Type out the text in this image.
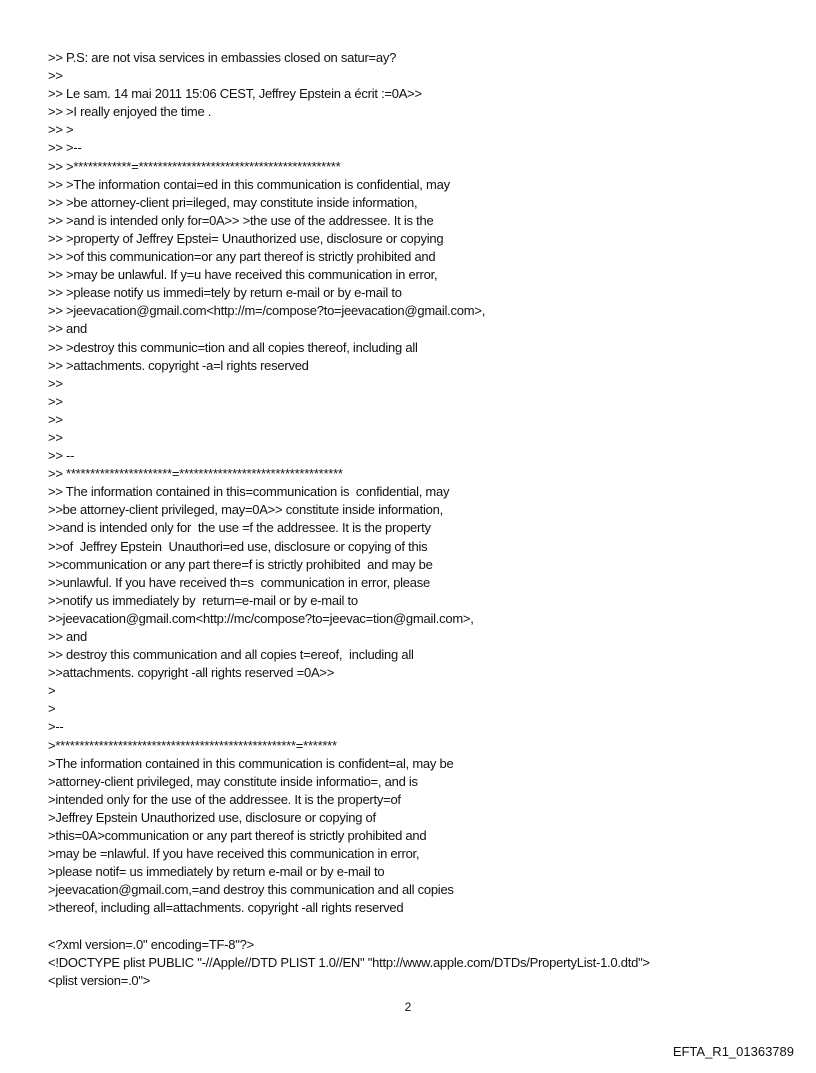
>> P.S: are not visa services in embassies closed on satur=ay?
>>
>> Le sam. 14 mai 2011 15:06 CEST, Jeffrey Epstein a écrit :=0A>>
>> >I really enjoyed the time .
>> >
>> >--
>> >************=******************************************
>> >The information contai=ed in this communication is confidential, may
>> >be attorney-client pri=ileged, may constitute inside information,
>> >and is intended only for=0A>> >the use of the addressee. It is the
>> >property of Jeffrey Epstei= Unauthorized use, disclosure or copying
>> >of this communication=or any part thereof is strictly prohibited and
>> >may be unlawful. If y=u have received this communication in error,
>> >please notify us immedi=tely by return e-mail or by e-mail to
>> >jeevacation@gmail.com<http://m=/compose?to=jeevacation@gmail.com>,
>> and
>> >destroy this communic=tion and all copies thereof, including all
>> >attachments. copyright -a=l rights reserved
>>
>>
>>
>>
>> --
>> **********************=**********************************
>> The information contained in this=communication is  confidential, may
>>be attorney-client privileged, may=0A>> constitute inside information,
>>and is intended only for  the use =f the addressee. It is the property
>>of  Jeffrey Epstein  Unauthori=ed use, disclosure or copying of this
>>communication or any part there=f is strictly prohibited  and may be
>>unlawful. If you have received th=s  communication in error, please
>>notify us immediately by  return=e-mail or by e-mail to
>>jeevacation@gmail.com<http://mc/compose?to=jeevac=tion@gmail.com>,
>> and
>> destroy this communication and all copies t=ereof,  including all
>>attachments. copyright -all rights reserved =0A>>
>
>
>--
>**************************************************=*******
>The information contained in this communication is confident=al, may be
>attorney-client privileged, may constitute inside informatio=, and is
>intended only for the use of the addressee. It is the property=of
>Jeffrey Epstein Unauthorized use, disclosure or copying of
>this=0A>communication or any part thereof is strictly prohibited and
>may be =nlawful. If you have received this communication in error,
>please notif= us immediately by return e-mail or by e-mail to
>jeevacation@gmail.com,=and destroy this communication and all copies
>thereof, including all=attachments. copyright -all rights reserved
<?xml version=.0" encoding=TF-8"?>
<!DOCTYPE plist PUBLIC "-//Apple//DTD PLIST 1.0//EN" "http://www.apple.com/DTDs/PropertyList-1.0.dtd">
<plist version=.0">
2
EFTA_R1_01363789
